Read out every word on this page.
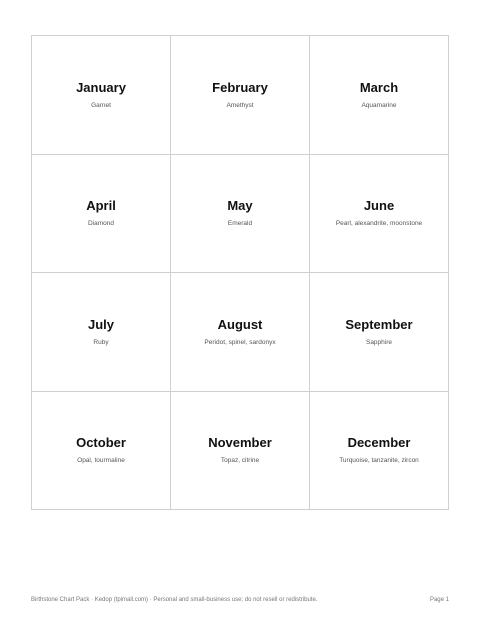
January
Garnet
February
Amethyst
March
Aquamarine
April
Diamond
May
Emerald
June
Pearl, alexandrite, moonstone
July
Ruby
August
Peridot, spinel, sardonyx
September
Sapphire
October
Opal, tourmaline
November
Topaz, citrine
December
Turquoise, tanzanite, zircon
Birthstone Chart Pack · Kedop (tpimall.com) · Personal and small-business use; do not resell or redistribute.	Page 1
